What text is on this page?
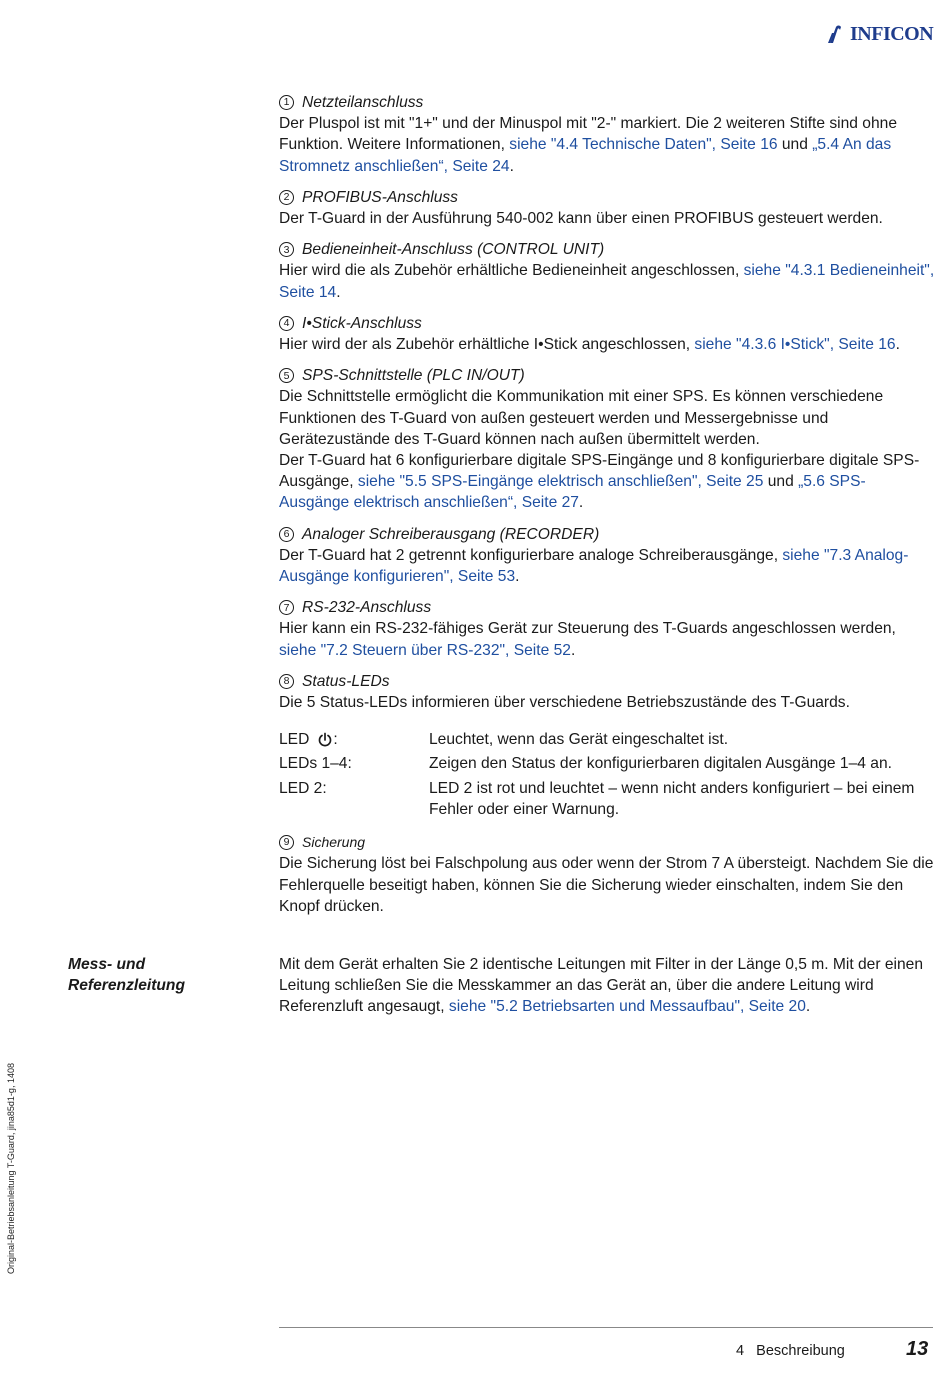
INFICON
Original-Betriebsanleitung T-Guard, jina85d1-g, 1408
1 Netzteilanschluss

Der Pluspol ist mit "1+" und der Minuspol mit "2-" markiert. Die 2 weiteren Stifte sind ohne Funktion. Weitere Informationen, siehe "4.4 Technische Daten", Seite 16 und „5.4 An das Stromnetz anschließen“, Seite 24.

2 PROFIBUS-Anschluss

Der T-Guard in der Ausführung 540-002 kann über einen PROFIBUS gesteuert werden.

3 Bedieneinheit-Anschluss (CONTROL UNIT)

Hier wird die als Zubehör erhältliche Bedieneinheit angeschlossen, siehe "4.3.1 Bedieneinheit", Seite 14.

4 I•Stick-Anschluss

Hier wird der als Zubehör erhältliche I•Stick angeschlossen, siehe "4.3.6 I•Stick", Seite 16.

5 SPS-Schnittstelle (PLC IN/OUT)

Die Schnittstelle ermöglicht die Kommunikation mit einer SPS. Es können verschiedene Funktionen des T-Guard von außen gesteuert werden und Messergebnisse und Gerätezustände des T-Guard können nach außen übermittelt werden.

Der T-Guard hat 6 konfigurierbare digitale SPS-Eingänge und 8 konfigurierbare digitale SPS-Ausgänge, siehe "5.5 SPS-Eingänge elektrisch anschließen", Seite 25 und „5.6 SPS-Ausgänge elektrisch anschließen“, Seite 27.

6 Analoger Schreiberausgang (RECORDER)

Der T-Guard hat 2 getrennt konfigurierbare analoge Schreiberausgänge, siehe "7.3 Analog-Ausgänge konfigurieren", Seite 53.

7 RS-232-Anschluss

Hier kann ein RS-232-fähiges Gerät zur Steuerung des T-Guards angeschlossen werden, siehe "7.2 Steuern über RS-232", Seite 52.

8 Status-LEDs

Die 5 Status-LEDs informieren über verschiedene Betriebszustände des T-Guards.

LED :	Leuchtet, wenn das Gerät eingeschaltet ist.
LEDs 1–4:	Zeigen den Status der konfigurierbaren digitalen Ausgänge 1–4 an.
LED 2:	LED 2 ist rot und leuchtet – wenn nicht anders konfiguriert – bei einem Fehler oder einer Warnung.
9 Sicherung

Die Sicherung löst bei Falschpolung aus oder wenn der Strom 7 A übersteigt. Nachdem Sie die Fehlerquelle beseitigt haben, können Sie die Sicherung wieder einschalten, indem Sie den Knopf drücken.

Mess- und Referenzleitung
Mit dem Gerät erhalten Sie 2 identische Leitungen mit Filter in der Länge 0,5 m. Mit der einen Leitung schließen Sie die Messkammer an das Gerät an, über die andere Leitung wird Referenzluft angesaugt, siehe "5.2 Betriebsarten und Messaufbau", Seite 20.
4   Beschreibung	13
